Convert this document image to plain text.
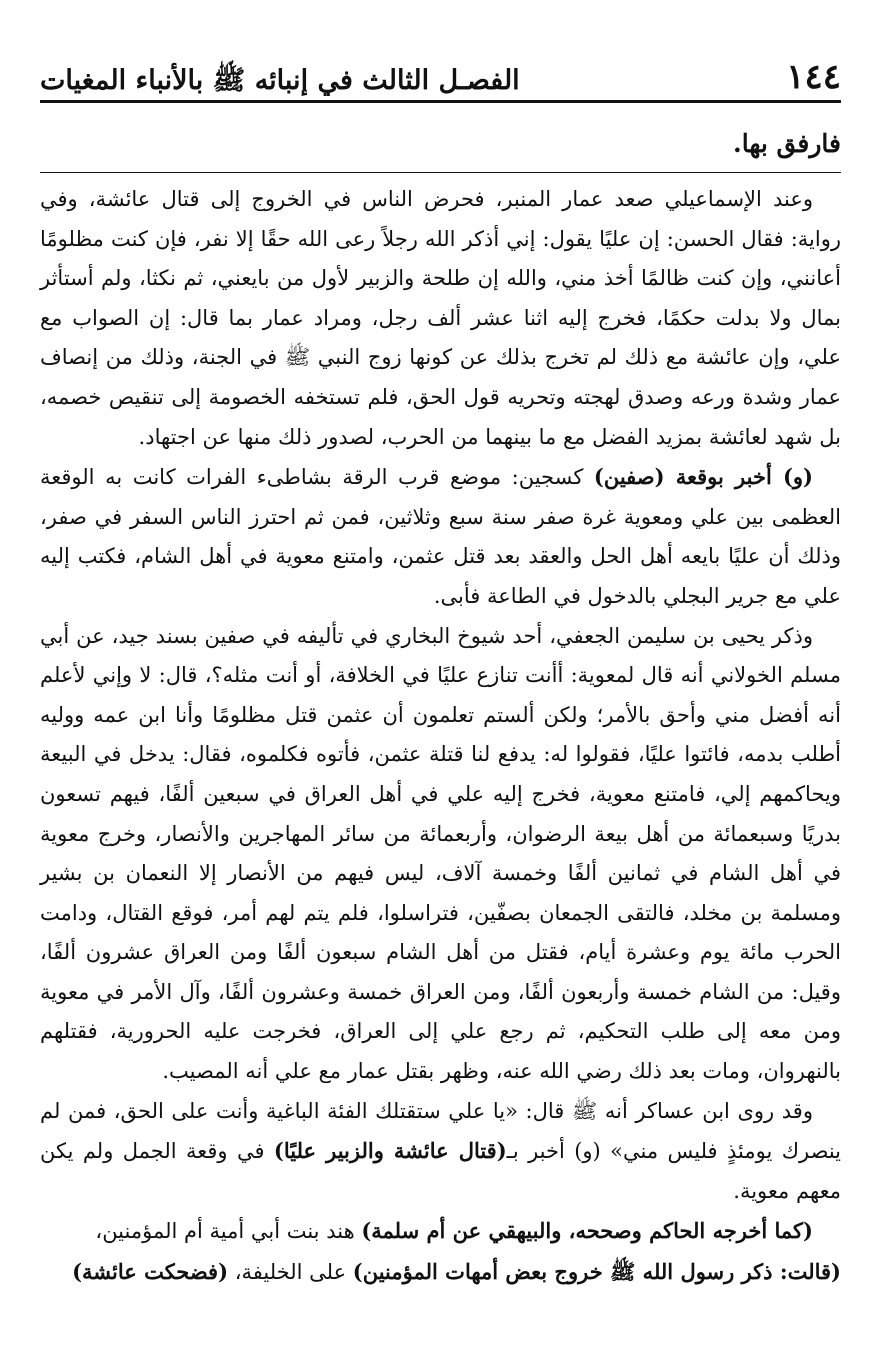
١٤٤
الفصـل الثالث في إنبائه ﷺ بالأنباء المغيات
فارفق بها.

وعند الإسماعيلي صعد عمار المنبر، فحرض الناس في الخروج إلى قتال عائشة، وفي رواية: فقال الحسن: إن عليًا يقول: إني أذكر الله رجلاً رعى الله حقًا إلا نفر، فإن كنت مظلومًا أعانني، وإن كنت ظالمًا أخذ مني، والله إن طلحة والزبير لأول من بايعني، ثم نكثا، ولم أستأثر بمال ولا بدلت حكمًا، فخرج إليه اثنا عشر ألف رجل، ومراد عمار بما قال: إن الصواب مع علي، وإن عائشة مع ذلك لم تخرج بذلك عن كونها زوج النبي ﷺ في الجنة، وذلك من إنصاف عمار وشدة ورعه وصدق لهجته وتحريه قول الحق، فلم تستخفه الخصومة إلى تنقيص خصمه، بل شهد لعائشة بمزيد الفضل مع ما بينهما من الحرب، لصدور ذلك منها عن اجتهاد.

(و) أخبر بوقعة (صفين) كسجين: موضع قرب الرقة بشاطىء الفرات كانت به الوقعة العظمى بين علي ومعوية غرة صفر سنة سبع وثلاثين، فمن ثم احترز الناس السفر في صفر، وذلك أن عليًا بايعه أهل الحل والعقد بعد قتل عثمن، وامتنع معوية في أهل الشام، فكتب إليه علي مع جرير البجلي بالدخول في الطاعة فأبى.

وذكر يحيى بن سليمن الجعفي، أحد شيوخ البخاري في تأليفه في صفين بسند جيد، عن أبي مسلم الخولاني أنه قال لمعوية: أأنت تنازع عليًا في الخلافة، أو أنت مثله؟، قال: لا وإني لأعلم أنه أفضل مني وأحق بالأمر؛ ولكن ألستم تعلمون أن عثمن قتل مظلومًا وأنا ابن عمه ووليه أطلب بدمه، فائتوا عليًا، فقولوا له: يدفع لنا قتلة عثمن، فأتوه فكلموه، فقال: يدخل في البيعة ويحاكمهم إلي، فامتنع معوية، فخرج إليه علي في أهل العراق في سبعين ألفًا، فيهم تسعون بدريًا وسبعمائة من أهل بيعة الرضوان، وأربعمائة من سائر المهاجرين والأنصار، وخرج معوية في أهل الشام في ثمانين ألفًا وخمسة آلاف، ليس فيهم من الأنصار إلا النعمان بن بشير ومسلمة بن مخلد، فالتقى الجمعان بصفّين، فتراسلوا، فلم يتم لهم أمر، فوقع القتال، ودامت الحرب مائة يوم وعشرة أيام، فقتل من أهل الشام سبعون ألفًا ومن العراق عشرون ألفًا، وقيل: من الشام خمسة وأربعون ألفًا، ومن العراق خمسة وعشرون ألفًا، وآل الأمر في معوية ومن معه إلى طلب التحكيم، ثم رجع علي إلى العراق، فخرجت عليه الحرورية، فقتلهم بالنهروان، ومات بعد ذلك رضي الله عنه، وظهر بقتل عمار مع علي أنه المصيب.

وقد روى ابن عساكر أنه ﷺ قال: «يا علي ستقتلك الفئة الباغية وأنت على الحق، فمن لم ينصرك يومئذٍ فليس مني» (و) أخبر بـ(قتال عائشة والزبير عليًا) في وقعة الجمل ولم يكن معهم معوية.

(كما أخرجه الحاكم وصححه، والبيهقي عن أم سلمة) هند بنت أبي أمية أم المؤمنين،

(قالت: ذكر رسول الله ﷺ خروج بعض أمهات المؤمنين) على الخليفة، (فضحكت عائشة)
